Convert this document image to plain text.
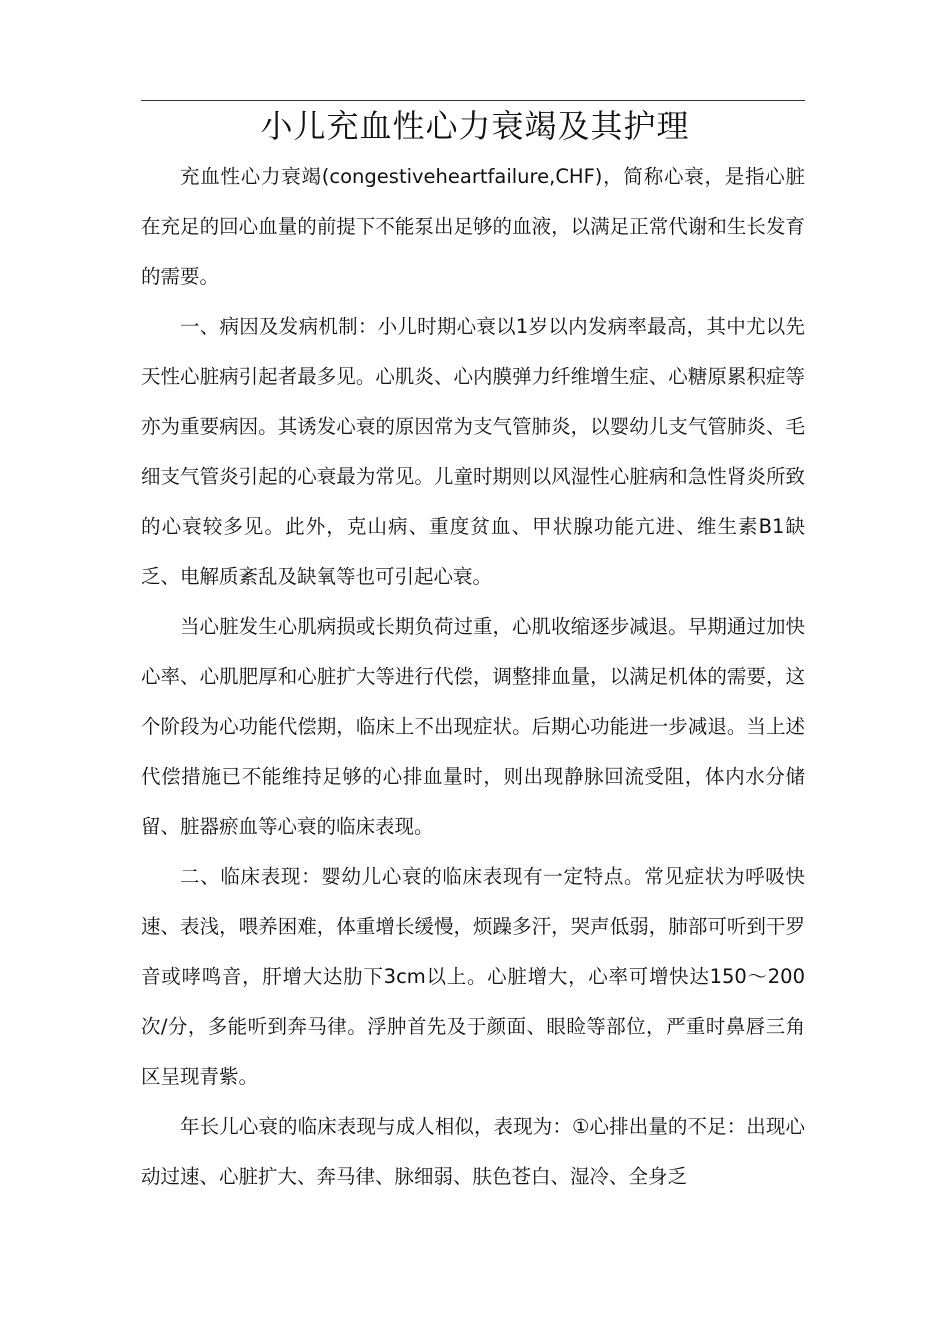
小儿充血性心力衰竭及其护理

充血性心力衰竭(congestiveheartfailure,CHF)，简称心衰，是指心脏在充足的回心血量的前提下不能泵出足够的血液，以满足正常代谢和生长发育的需要。

一、病因及发病机制：小儿时期心衰以1岁以内发病率最高，其中尤以先天性心脏病引起者最多见。心肌炎、心内膜弹力纤维增生症、心糖原累积症等亦为重要病因。其诱发心衰的原因常为支气管肺炎，以婴幼儿支气管肺炎、毛细支气管炎引起的心衰最为常见。儿童时期则以风湿性心脏病和急性肾炎所致的心衰较多见。此外，克山病、重度贫血、甲状腺功能亢进、维生素B1缺乏、电解质紊乱及缺氧等也可引起心衰。

当心脏发生心肌病损或长期负荷过重，心肌收缩逐步减退。早期通过加快心率、心肌肥厚和心脏扩大等进行代偿，调整排血量，以满足机体的需要，这个阶段为心功能代偿期，临床上不出现症状。后期心功能进一步减退。当上述代偿措施已不能维持足够的心排血量时，则出现静脉回流受阻，体内水分储留、脏器瘀血等心衰的临床表现。

二、临床表现：婴幼儿心衰的临床表现有一定特点。常见症状为呼吸快速、表浅，喂养困难，体重增长缓慢，烦躁多汗，哭声低弱，肺部可听到干罗音或哮鸣音，肝增大达肋下3cm以上。心脏增大，心率可增快达150～200次/分，多能听到奔马律。浮肿首先及于颜面、眼睑等部位，严重时鼻唇三角区呈现青紫。

年长儿心衰的临床表现与成人相似，表现为：①心排出量的不足：出现心动过速、心脏扩大、奔马律、脉细弱、肤色苍白、湿冷、全身乏
